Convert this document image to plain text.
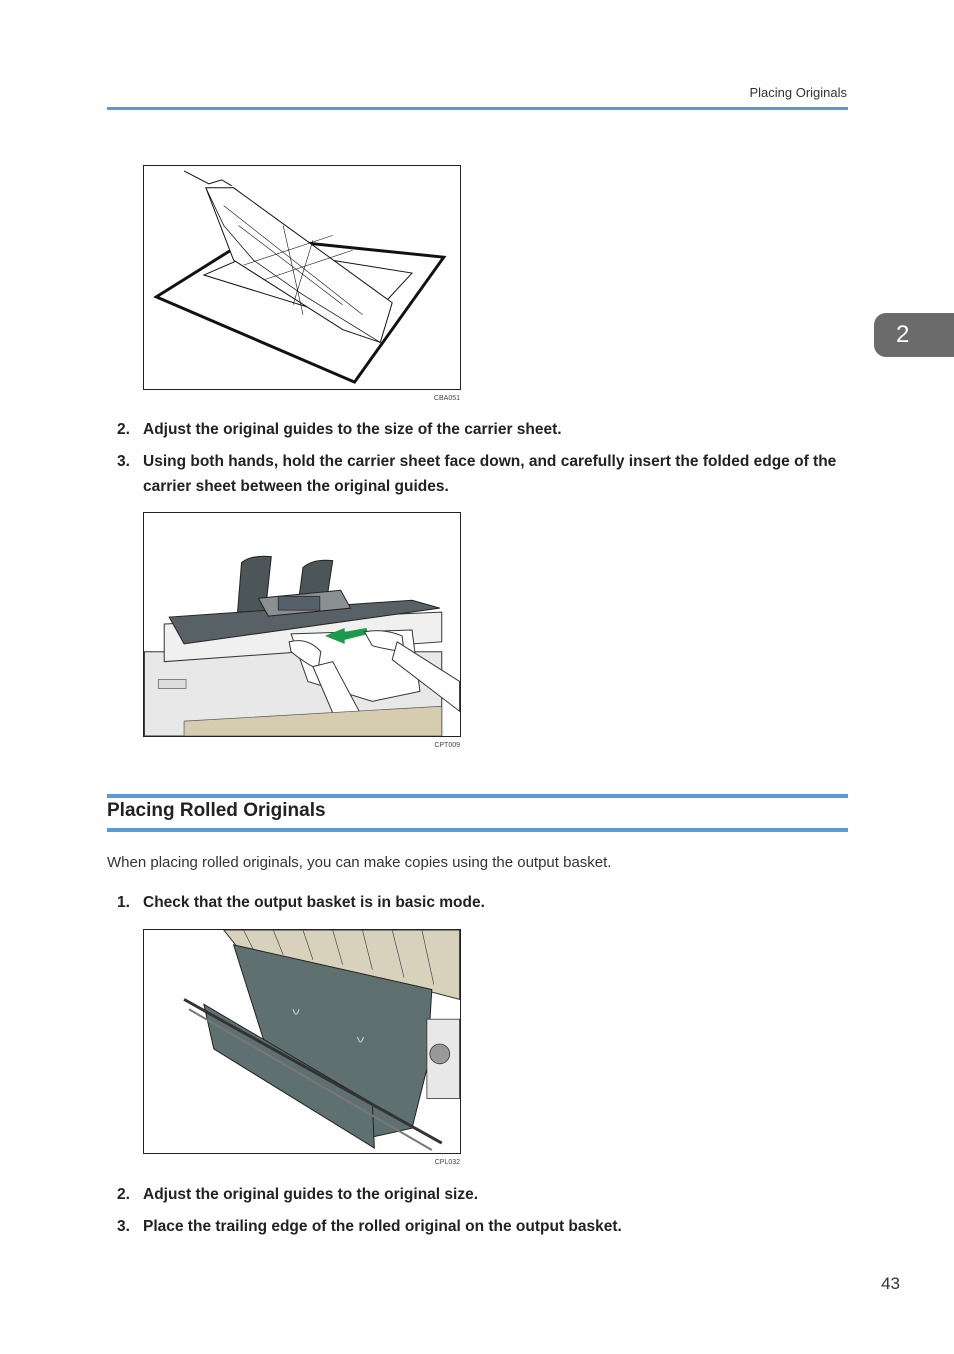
Placing Originals
2
CBA051
2. Adjust the original guides to the size of the carrier sheet.
3. Using both hands, hold the carrier sheet face down, and carefully insert the folded edge of the carrier sheet between the original guides.
CPT009
Placing Rolled Originals
When placing rolled originals, you can make copies using the output basket.
1. Check that the output basket is in basic mode.
CPL032
2. Adjust the original guides to the original size.
3. Place the trailing edge of the rolled original on the output basket.
43
